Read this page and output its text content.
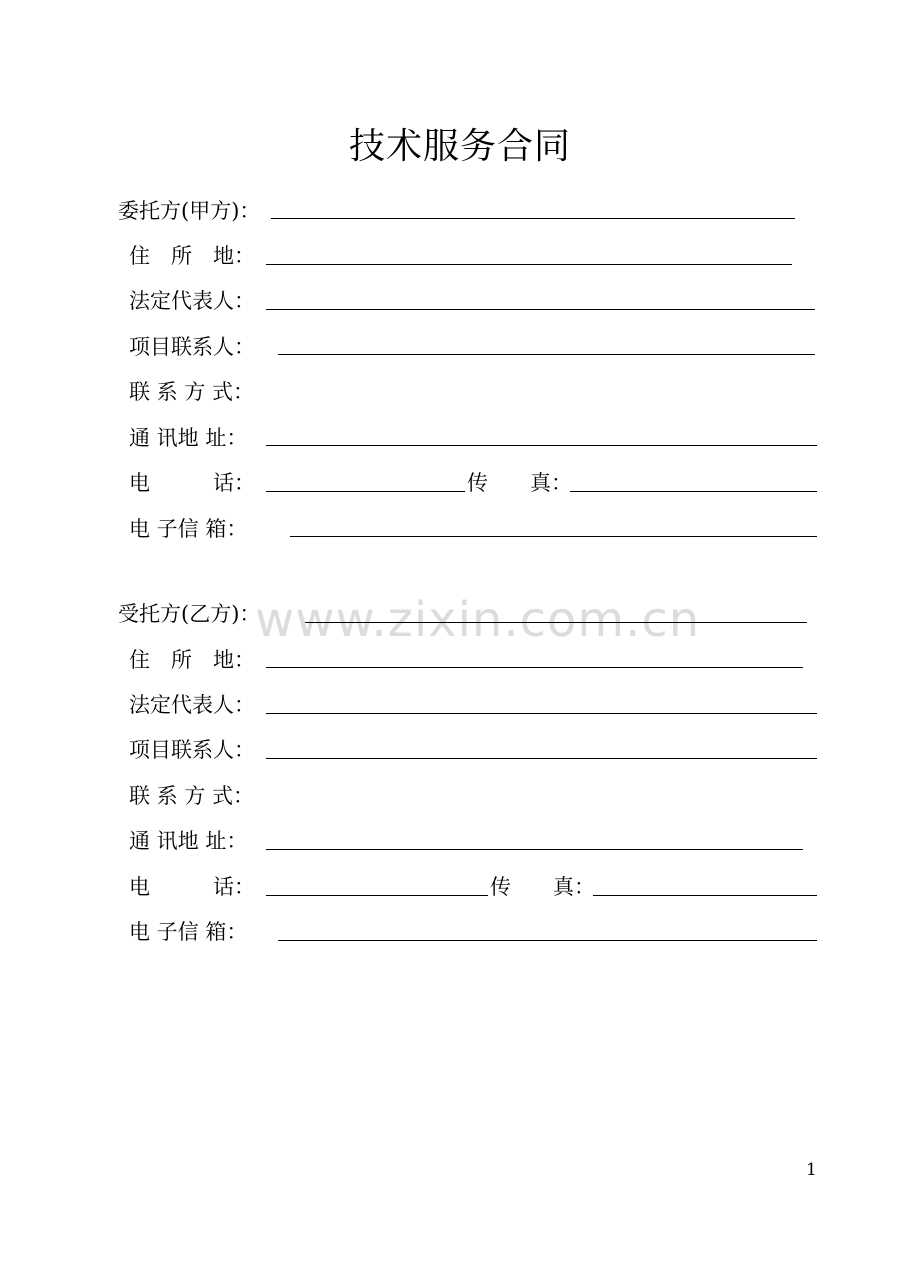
技术服务合同
委托方(甲方)：
住　所　地：
法定代表人：
项目联系人：
联 系 方 式：
通 讯地 址：
电　　　话：	传　　真：
电 子信 箱：
www.zixin.com.cn
受托方(乙方)：
住　所　地：
法定代表人：
项目联系人：
联 系 方 式：
通 讯地 址：
电　　　话：	传　　真：
电 子信 箱：
1
